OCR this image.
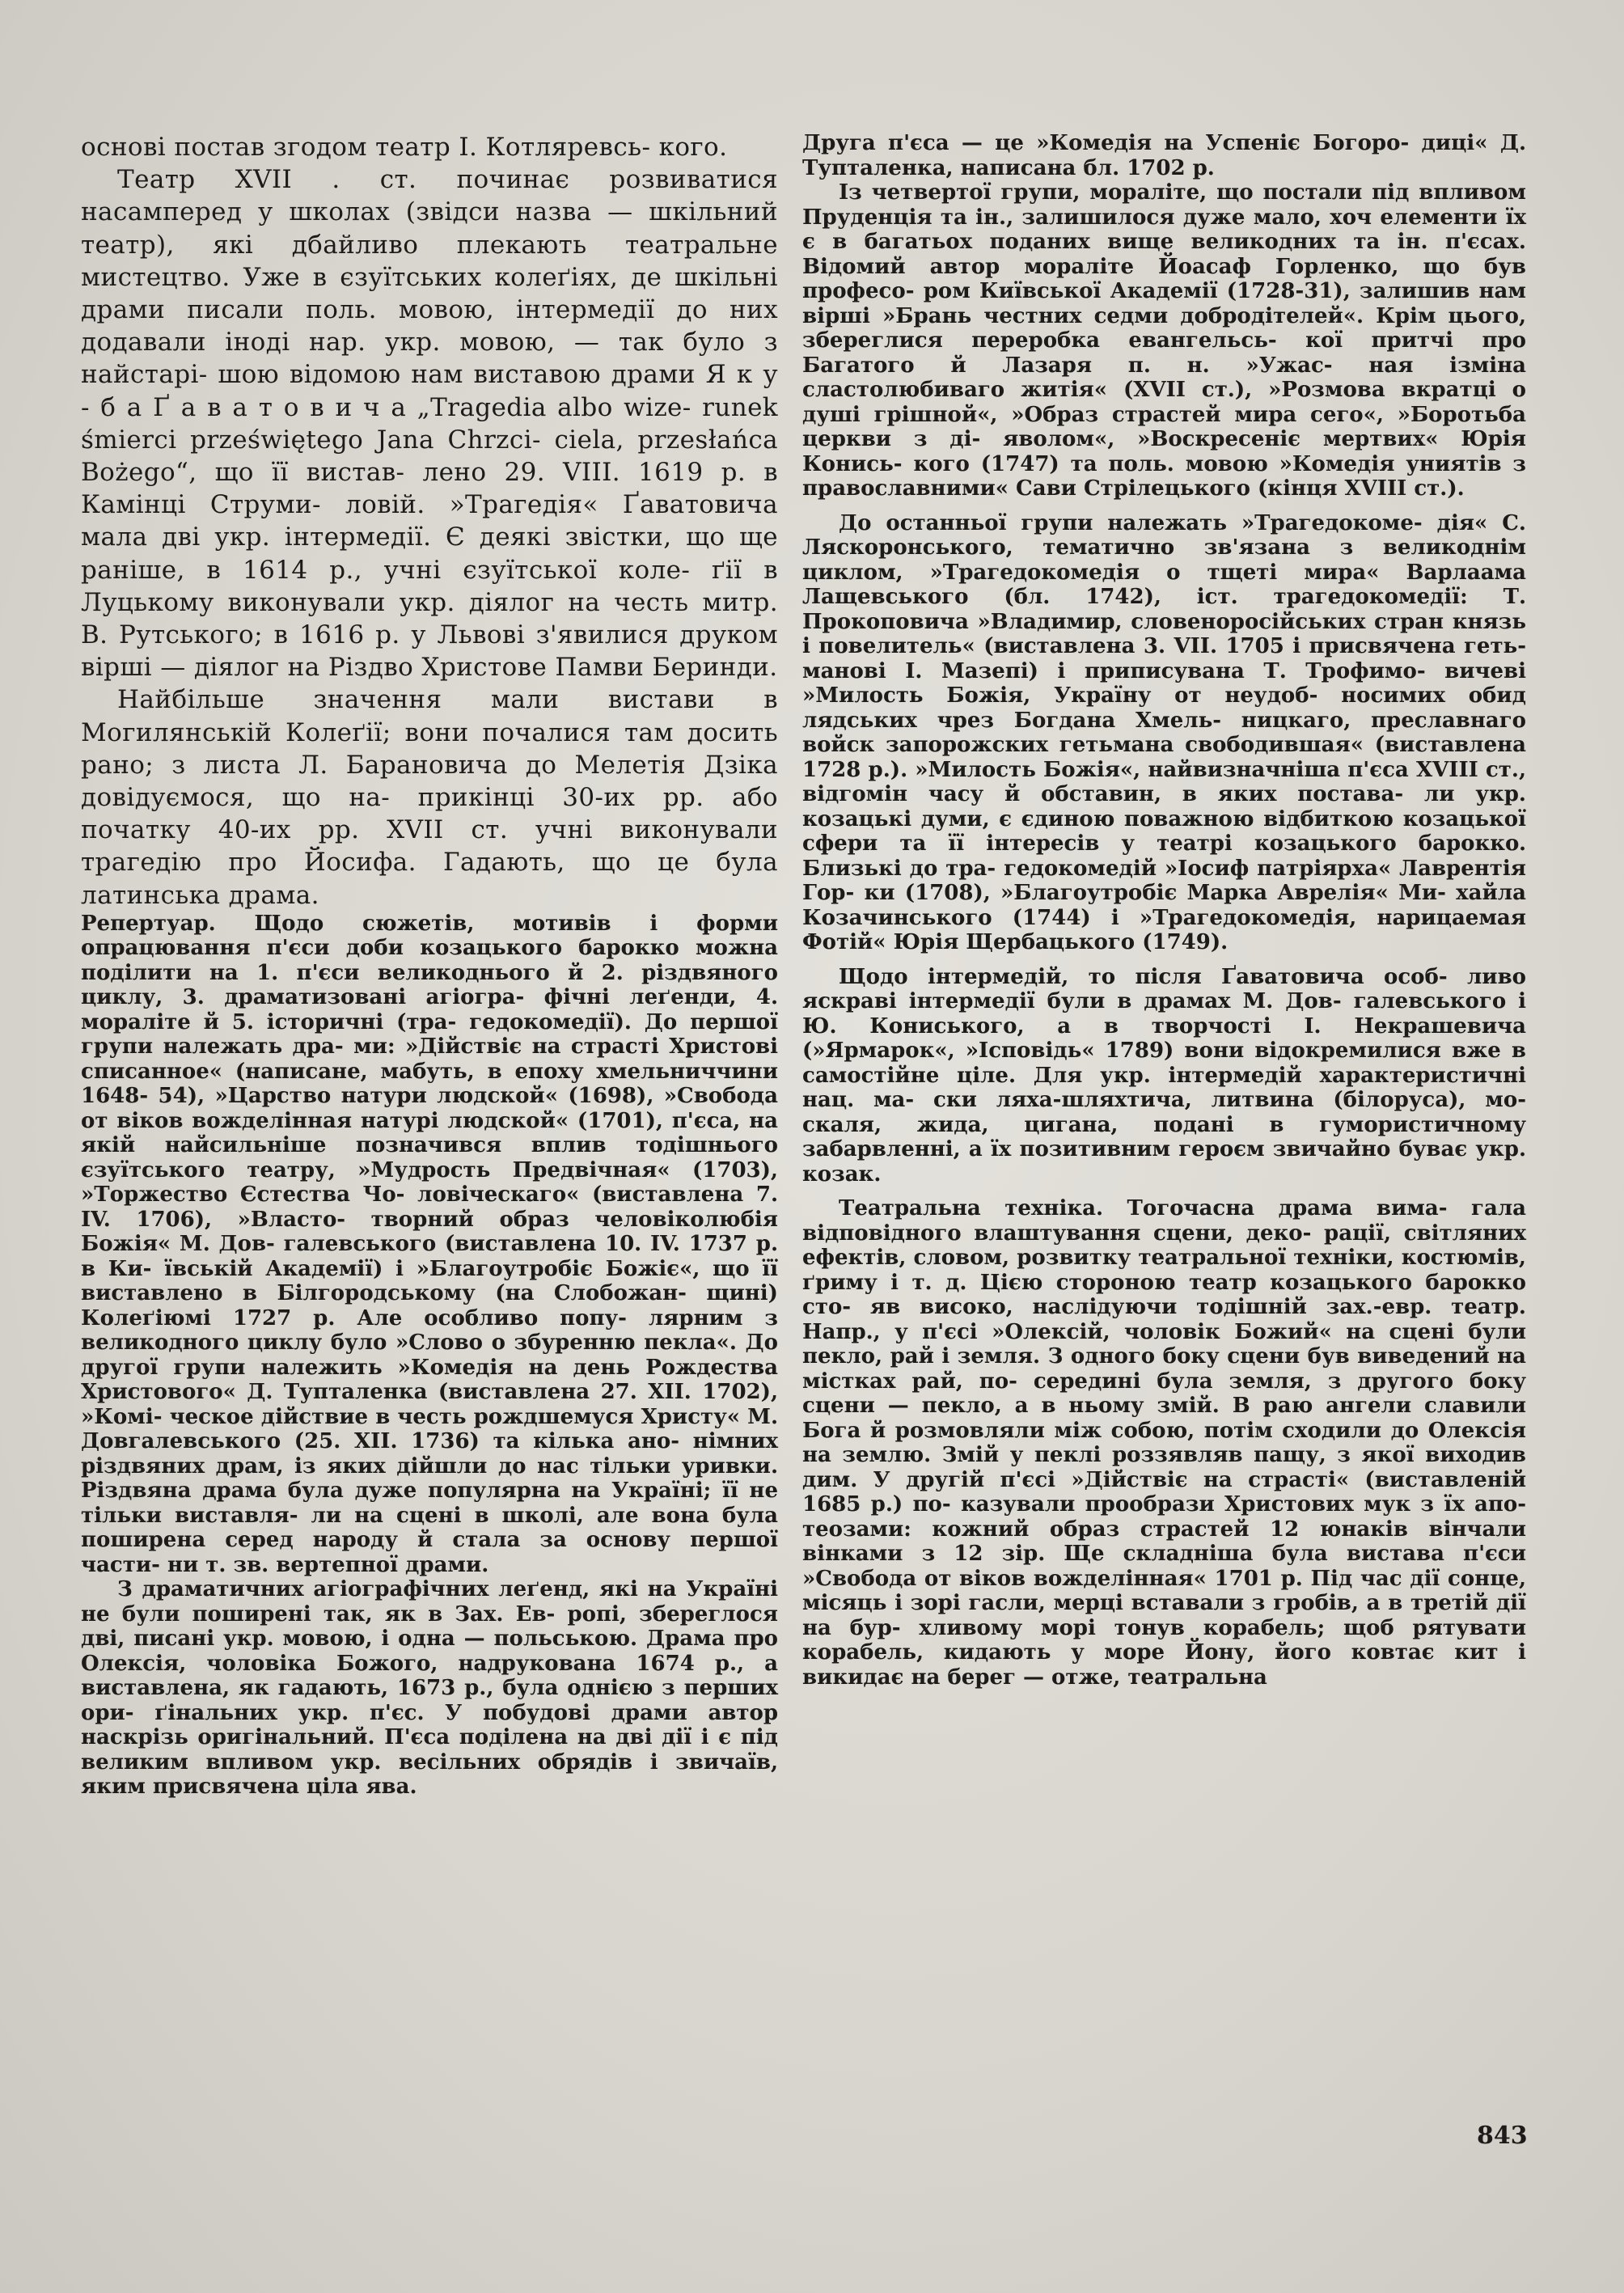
основі постав згодом театр І. Котляревсь- кого.

Театр XVII . ст. починає розвиватися насамперед у школах (звідси назва — шкільний театр), які дбайливо плекають театральне мистецтво. Уже в єзуїтських колеґіях, де шкільні драми писали поль. мовою, інтермедії до них додавали іноді нар. укр. мовою, — так було з найстарі- шою відомою нам виставою драми Я к у - б а Ґ а в а т о в и ч а „Tragedia albo wize- runek śmierci przeświętego Jana Chrzci- ciela, przesłańca Bożego“, що її вистав- лено 29. VIII. 1619 р. в Камінці Струми- ловій. »Трагедія« Ґаватовича мала дві укр. інтермедії. Є деякі звістки, що ще раніше, в 1614 р., учні єзуїтської коле- ґії в Луцькому виконували укр. діялог на честь митр. В. Рутського; в 1616 р. у Львові з'явилися друком вірші — діялог на Різдво Христове Памви Беринди.

Найбільше значення мали вистави в Могилянській Колеґії; вони почалися там досить рано; з листа Л. Барановича до Мелетія Дзіка довідуємося, що на- прикінці 30-их рр. або початку 40-их рр. XVII ст. учні виконували трагедію про Йосифа. Гадають, що це була латинська драма.

Репертуар. Щодо сюжетів, мотивів і форми опрацювання п'єси доби козацького бароккo можна поділити на 1. п'єси великоднього й 2. різдвяного циклу, 3. драматизовані агіогра- фічні леґенди, 4. мораліте й 5. історичні (тра- гедокомедії). До першої групи належать дра- ми: »Дійствіє на страсті Христові списанное« (написане, мабуть, в епоху хмельниччини 1648- 54), »Царство натури людской« (1698), »Свобода от віков вожделінная натурі людской« (1701), п'єса, на якій найсильніше позначився вплив тодішнього єзуїтського театру, »Мудрость Предвічная« (1703), »Торжество Єстества Чо- ловіческаго« (виставлена 7. IV. 1706), »Власто- творний образ человіколюбія Божія« М. Дов- галевського (виставлена 10. IV. 1737 р. в Ки- ївській Академії) і »Благоутробіє Божіє«, що її виставлено в Білгородському (на Слобожан- щині) Колеґіюмі 1727 р. Але особливо попу- лярним з великодного циклу було »Слово о збуренню пекла«. До другої групи належить »Комедія на день Рождества Христового« Д. Тупталенка (виставлена 27. XII. 1702), »Комі- ческое дійствие в честь рождшемуся Христу« М. Довгалевського (25. XII. 1736) та кілька ано- німних різдвяних драм, із яких дійшли до нас тільки уривки. Різдвяна драма була дуже популярна на Україні; її не тільки виставля- ли на сцені в школі, але вона була поширена серед народу й стала за основу першої части- ни т. зв. вертепної драми.

З драматичних агіографічних леґенд, які на Україні не були поширені так, як в Зах. Ев- ропі, збереглося дві, писані укр. мовою, і одна — польською. Драма про Олексія, чоловіка Божого, надрукована 1674 р., а виставлена, як гадають, 1673 р., була однією з перших ори- ґінальних укр. п'єс. У побудові драми автор наскрізь оригінальний. П'єса поділена на дві дії і є під великим впливом укр. весільних обрядів і звичаїв, яким присвячена ціла ява.

Друга п'єса — це »Комедія на Успеніє Богоро- диці« Д. Тупталенка, написана бл. 1702 р.

Із четвертої групи, мораліте, що постали під впливом Пруденція та ін., залишилося дуже мало, хоч елементи їх є в багатьох поданих вище великодних та ін. п'єсах. Відомий автор мораліте Йоасаф Горленко, що був професо- ром Київської Академії (1728-31), залишив нам вірші »Брань честних седми добродітелей«. Крім цього, збереглися переробка евангельсь- кої притчі про Багатого й Лазаря п. н. »Ужас- ная ізміна сластолюбиваго житія« (XVII ст.), »Розмова вкратці о душі грішной«, »Образ страстей мира сего«, »Боротьба церкви з ді- яволом«, »Воскресеніє мертвих« Юрія Конись- кого (1747) та поль. мовою »Комедія униятів з православними« Сави Стрілецького (кінця XVIII ст.).

До останньої групи належать »Трагедокоме- дія« С. Ляскоронського, тематично зв'язана з великоднім циклом, »Трагедокомедія о тщеті мира« Варлаама Лащевського (бл. 1742), іст. трагедокомедії: Т. Прокоповича »Владимир, словеноросійських стран князь і повелитель« (виставлена 3. VII. 1705 і присвячена геть- манові І. Мазепі) і приписувана Т. Трофимо- вичеві »Милость Божія, Україну от неудоб- носимих обид лядських чрез Богдана Хмель- ницкаго, преславнаго войск запорожских гетьмана свободившая« (виставлена 1728 р.). »Милость Божія«, найвизначніша п'єса XVIII ст., відгомін часу й обставин, в яких постава- ли укр. козацькі думи, є єдиною поважною відбиткою козацької сфери та її інтересів у театрі козацького бароккo. Близькі до тра- гедокомедій »Іосиф патріярха« Лаврентія Гор- ки (1708), »Благоутробіє Марка Аврелія« Ми- хайла Козачинського (1744) і »Трагедокомедія, нарицаемая Фотій« Юрія Щербацького (1749).

Щодо інтермедій, то після Ґаватовича особ- ливо яскраві інтермедії були в драмах М. Дов- галевського і Ю. Кониського, а в творчості І. Некрашевича (»Ярмарок«, »Ісповідь« 1789) вони відокремилися вже в самостійне ціле. Для укр. інтермедій характеристичні нац. ма- ски ляха-шляхтича, литвина (білоруса), мо- скаля, жида, цигана, подані в гумористичному забарвленні, а їх позитивним героєм звичайно буває укр. козак.

Театральна техніка. Тогочасна драма вима- гала відповідного влаштування сцени, деко- рації, світляних ефектів, словом, розвитку театральної техніки, костюмів, ґриму і т. д. Цією стороною театр козацького бароккo сто- яв високо, наслідуючи тодішній зах.-евр. театр. Напр., у п'єсі »Олексій, чоловік Божий« на сцені були пекло, рай і земля. З одного боку сцени був виведений на містках рай, по- середині була земля, з другого боку сцени — пекло, а в ньому змій. В раю ангели славили Бога й розмовляли між собою, потім сходили до Олексія на землю. Змій у пеклі роззявляв пащу, з якої виходив дим. У другій п'єсі »Дійствіє на страсті« (виставленій 1685 р.) по- казували прообрази Христових мук з їх апо- теозами: кожний образ страстей 12 юнаків вінчали вінками з 12 зір. Ще складніша була вистава п'єси »Свобода от віков вожделінная« 1701 р. Під час дії сонце, місяць і зорі гасли, мерці вставали з гробів, а в третій дії на бур- хливому морі тонув корабель; щоб рятувати корабель, кидають у море Йону, його ковтає кит і викидає на берег — отже, театральна

843
